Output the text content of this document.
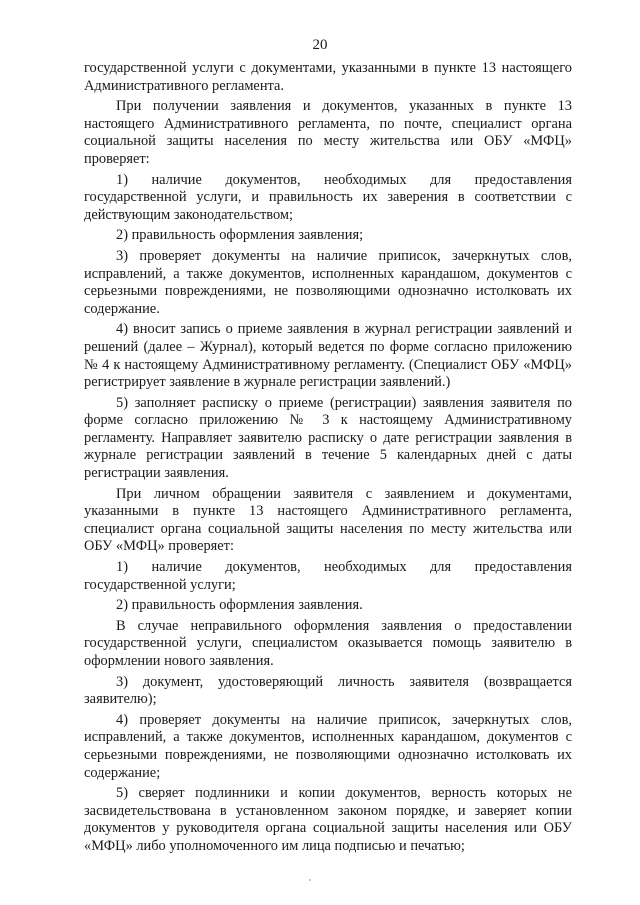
20

государственной услуги с документами, указанными в пункте 13 настоящего Административного регламента.

При получении заявления и документов, указанных в пункте 13 настоящего Административного регламента, по почте, специалист органа социальной защиты населения по месту жительства или ОБУ «МФЦ» проверяет:

1) наличие документов, необходимых для предоставления государственной услуги, и правильность их заверения в соответствии с действующим законодательством;

2) правильность оформления заявления;

3) проверяет документы на наличие приписок, зачеркнутых слов, исправлений, а также документов, исполненных карандашом, документов с серьезными повреждениями, не позволяющими однозначно истолковать их содержание.

4) вносит запись о приеме заявления в журнал регистрации заявлений и решений (далее – Журнал), который ведется по форме согласно приложению № 4 к настоящему Административному регламенту. (Специалист ОБУ «МФЦ» регистрирует заявление в журнале регистрации заявлений.)

5) заполняет расписку о приеме (регистрации) заявления заявителя по форме согласно приложению № 3 к настоящему Административному регламенту. Направляет заявителю расписку о дате регистрации заявления в журнале регистрации заявлений в течение 5 календарных дней с даты регистрации заявления.

При личном обращении заявителя с заявлением и документами, указанными в пункте 13 настоящего Административного регламента, специалист органа социальной защиты населения по месту жительства или ОБУ «МФЦ» проверяет:

1) наличие документов, необходимых для предоставления государственной услуги;

2) правильность оформления заявления.

В случае неправильного оформления заявления о предоставлении государственной услуги, специалистом оказывается помощь заявителю в оформлении нового заявления.

3) документ, удостоверяющий личность заявителя (возвращается заявителю);

4) проверяет документы на наличие приписок, зачеркнутых слов, исправлений, а также документов, исполненных карандашом, документов с серьезными повреждениями, не позволяющими однозначно истолковать их содержание;

5) сверяет подлинники и копии документов, верность которых не засвидетельствована в установленном законом порядке, и заверяет копии документов у руководителя органа социальной защиты населения или ОБУ «МФЦ» либо уполномоченного им лица подписью и печатью;
